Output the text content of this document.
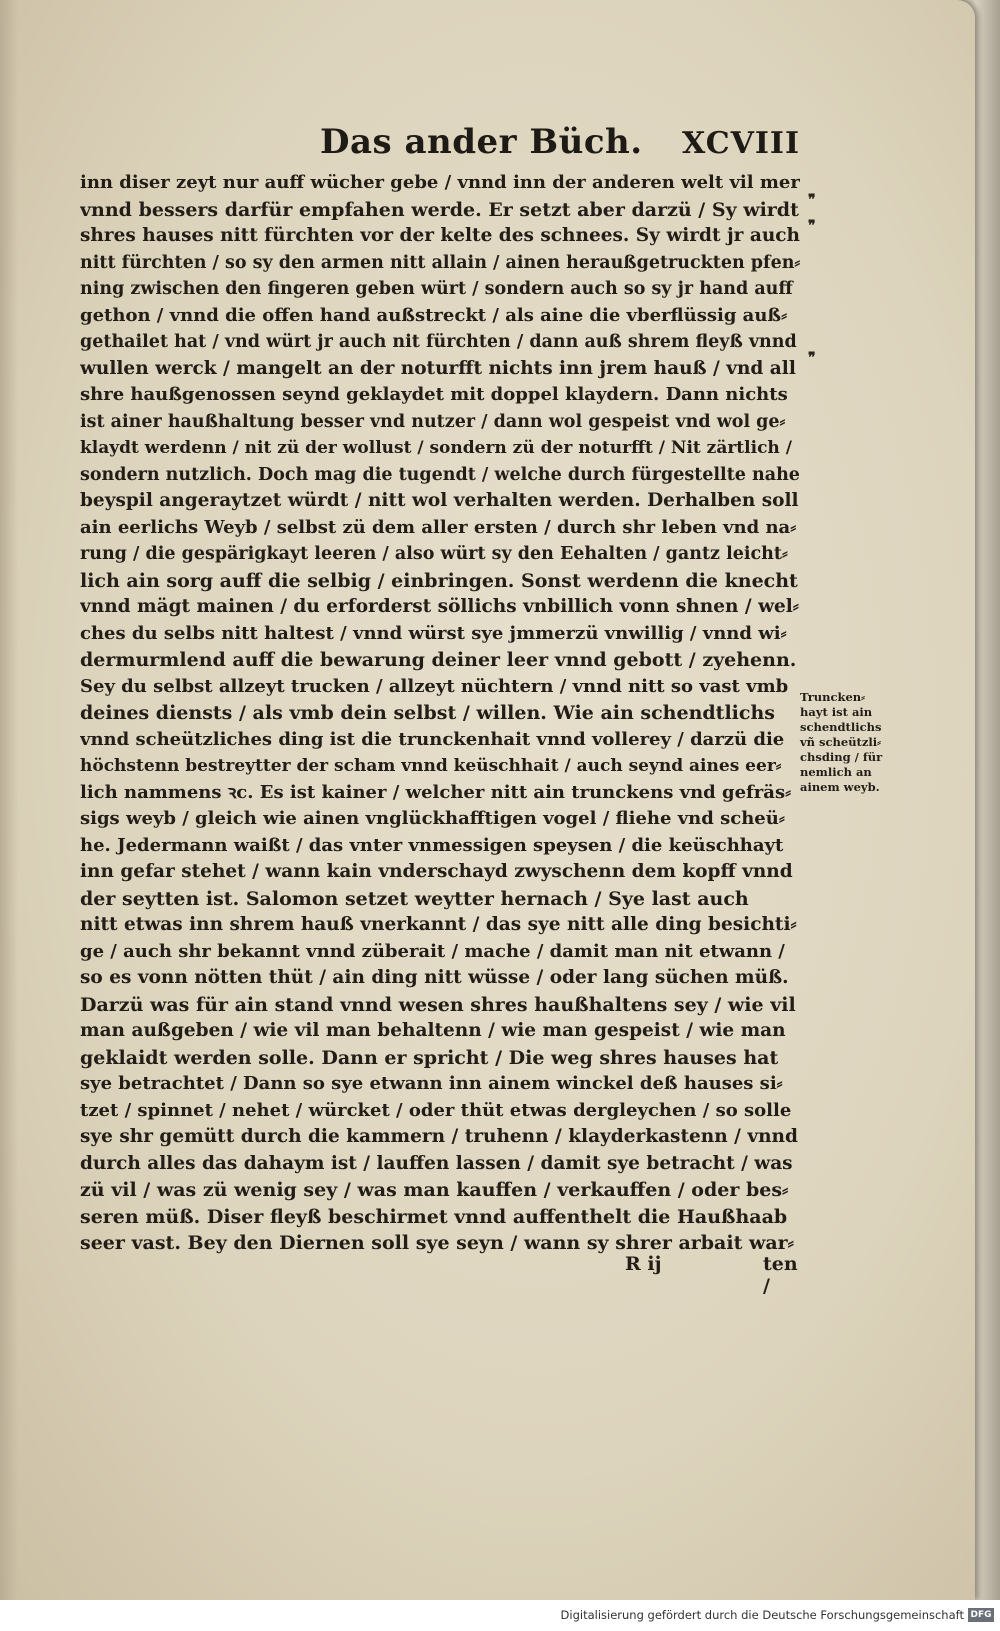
Das ander Büch. XCVIII
inn diser zeyt nur auff wücher gebe / vnnd inn der anderen welt vil mer
vnnd bessers darfür empfahen werde. Er setzt aber darzü / Sy wirdt
shres hauses nitt fürchten vor der kelte des schnees. Sy wirdt jr auch
nitt fürchten / so sy den armen nitt allain / ainen heraußgetruckten pfen⸗
ning zwischen den fingeren geben würt / sondern auch so sy jr hand auff
gethon / vnnd die offen hand außstreckt / als aine die vberflüssig auß⸗
gethailet hat / vnd würt jr auch nit fürchten / dann auß shrem fleyß vnnd
wullen werck / mangelt an der noturfft nichts inn jrem hauß / vnd all
shre haußgenossen seynd geklaydet mit doppel klaydern. Dann nichts
ist ainer haußhaltung besser vnd nutzer / dann wol gespeist vnd wol ge⸗
klaydt werdenn / nit zü der wollust / sondern zü der noturfft / Nit zärtlich /
sondern nutzlich. Doch mag die tugendt / welche durch fürgestellte nahe
beyspil angeraytzet würdt / nitt wol verhalten werden. Derhalben soll
ain eerlichs Weyb / selbst zü dem aller ersten / durch shr leben vnd na⸗
rung / die gespärigkayt leeren / also würt sy den Eehalten / gantz leicht⸗
lich ain sorg auff die selbig / einbringen. Sonst werdenn die knecht
vnnd mägt mainen / du erforderst söllichs vnbillich vonn shnen / wel⸗
ches du selbs nitt haltest / vnnd würst sye jmmerzü vnwillig / vnnd wi⸗
dermurmlend auff die bewarung deiner leer vnnd gebott / zyehenn.
Sey du selbst allzeyt trucken / allzeyt nüchtern / vnnd nitt so vast vmb
deines diensts / als vmb dein selbst / willen. Wie ain schendtlichs
vnnd scheützliches ding ist die trunckenhait vnnd vollerey / darzü die
höchstenn bestreytter der scham vnnd keüschhait / auch seynd aines eer⸗
lich nammens ꝛc. Es ist kainer / welcher nitt ain trunckens vnd gefräs⸗
sigs weyb / gleich wie ainen vnglückhafftigen vogel / fliehe vnd scheü⸗
he. Jedermann waißt / das vnter vnmessigen speysen / die keüschhayt
inn gefar stehet / wann kain vnderschayd zwyschenn dem kopff vnnd
der seytten ist. Salomon setzet weytter hernach / Sye last auch
nitt etwas inn shrem hauß vnerkannt / das sye nitt alle ding besichti⸗
ge / auch shr bekannt vnnd züberait / mache / damit man nit etwann /
so es vonn nötten thüt / ain ding nitt wüsse / oder lang süchen müß.
Darzü was für ain stand vnnd wesen shres haußhaltens sey / wie vil
man außgeben / wie vil man behaltenn / wie man gespeist / wie man
geklaidt werden solle. Dann er spricht / Die weg shres hauses hat
sye betrachtet / Dann so sye etwann inn ainem winckel deß hauses si⸗
tzet / spinnet / nehet / würcket / oder thüt etwas dergleychen / so solle
sye shr gemütt durch die kammern / truhenn / klayderkastenn / vnnd
durch alles das dahaym ist / lauffen lassen / damit sye betracht / was
zü vil / was zü wenig sey / was man kauffen / verkauffen / oder bes⸗
seren müß. Diser fleyß beschirmet vnnd auffenthelt die Haußhaab
seer vast. Bey den Diernen soll sye seyn / wann sy shrer arbait war⸗
❞
❞
❞
Truncken⸗
hayt ist ain
schendtlichs
vñ scheützli⸗
chsding / für
nemlich an
ainem weyb.
R ij	ten /
Digitalisierung gefördert durch die Deutsche Forschungsgemeinschaft DFG
